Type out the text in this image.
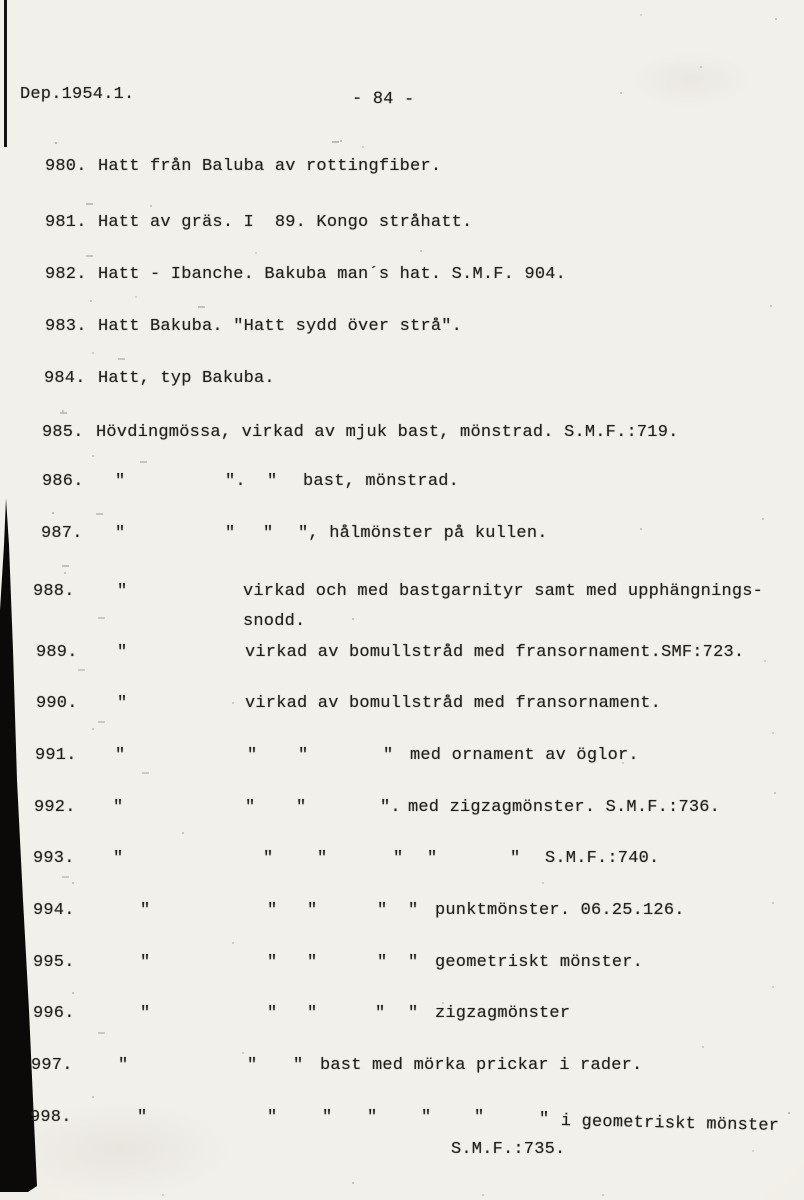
Dep.1954.1.	- 84 -
980. Hatt från Baluba av rottingfiber.
981. Hatt av gräs. I  89. Kongo stråhatt.
982. Hatt - Ibanche. Bakuba man´s hat. S.M.F. 904.
983. Hatt Bakuba. "Hatt sydd över strå".
984. Hatt, typ Bakuba.
985. Hövdingmössa, virkad av mjuk bast, mönstrad. S.M.F.:719.
986. "	". " bast, mönstrad.
987. "	" " ", hålmönster på kullen.
988. "	virkad och med bastgarnityr samt med upphängnings-
snodd.
989. "	virkad av bomullstråd med fransornament.SMF:723.
990. "	virkad av bomullstråd med fransornament.
991. "	" "	" med ornament av öglor.
992. "	" "	". med zigzagmönster. S.M.F.:736.
993. "	"	"	" "	" S.M.F.:740.
994.	"	" "	" " punktmönster. 06.25.126.
995.	"	" "	" " geometriskt mönster.
996.	"	" "	" " zigzagmönster
997.	"	" " bast med mörka prickar i rader.
998.	"	"	" "	"	"	" i geometriskt mönster
S.M.F.:735.
